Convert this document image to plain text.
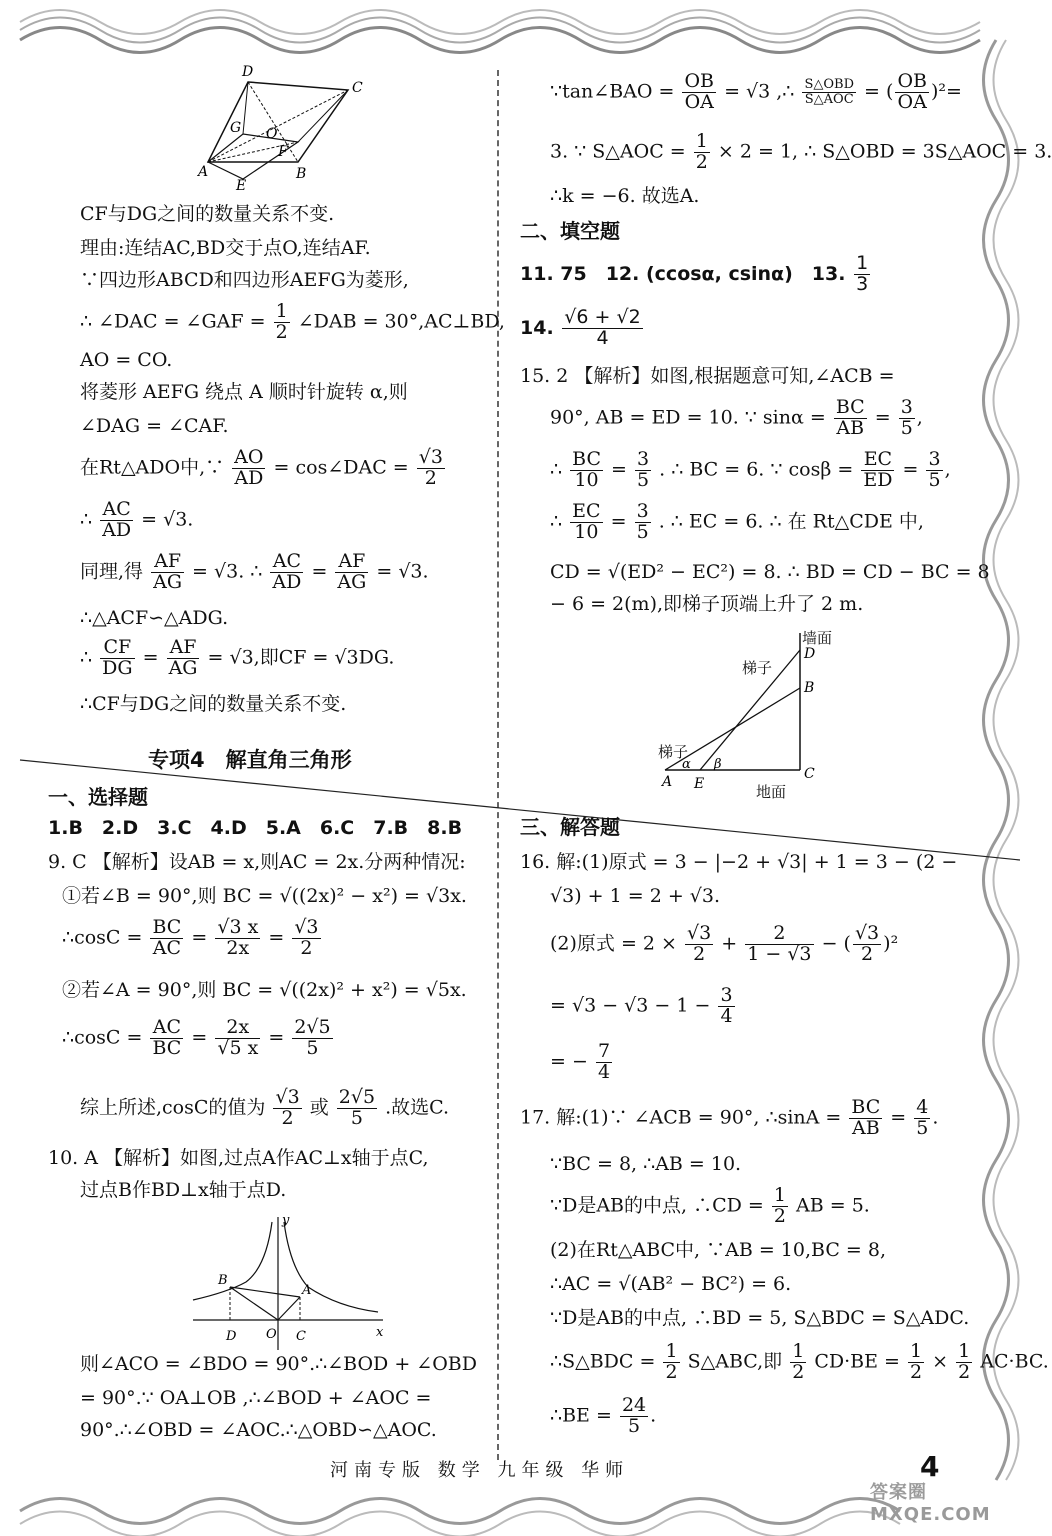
D
C
A	B
E
F
G O
CF与DG之间的数量关系不变.
理由:连结AC,BD交于点O,连结AF.
∵四边形ABCD和四边形AEFG为菱形,
∴ ∠DAC = ∠GAF = $\frac{1}{2}$ ∠DAB = 30°,AC⊥BD,
AO = CO.
将菱形 AEFG 绕点 A 顺时针旋转 α,则
∠DAG = ∠CAF.
在Rt△ADO中,∵ $\frac{AO}{AD}$ = cos∠DAC = $\frac{√3}{2}$
∴ $\frac{AC}{AD} = √3$.
同理,得 $\frac{AF}{AG} = √3$. ∴ $\frac{AC}{AD} = \frac{AF}{AG} = √3$.
∴△ACF∽△ADG.
∴ $\frac{CF}{DG} = \frac{AF}{AG} = √3$,即CF = √3DG.
∴CF与DG之间的数量关系不变.
专项4　解直角三角形
一、选择题
1.B　2.D　3.C　4.D　5.A　6.C　7.B　8.B
9. C 【解析】设AB = x,则AC = 2x.分两种情况:
①若∠B = 90°,则 BC = √((2x)² − x²) = √3x.
∴cosC = $\frac{BC}{AC} = \frac{√3 x}{2x} = \frac{√3}{2}$
②若∠A = 90°,则 BC = √((2x)² + x²) = √5x.
∴cosC = $\frac{AC}{BC} = \frac{2x}{√5 x} = \frac{2√5}{5}$
综上所述,cosC的值为 $\frac{√3}{2}$ 或 $\frac{2√5}{5}$ .故选C.
10. A 【解析】如图,过点A作AC⊥x轴于点C,
过点B作BD⊥x轴于点D.
y
x
B
A
D O C
则∠ACO = ∠BDO = 90°.∴∠BOD + ∠OBD
= 90°.∵ OA⊥OB ,∴∠BOD + ∠AOC =
90°.∴∠OBD = ∠AOC.∴△OBD∽△AOC.
∵tan∠BAO = $\frac{OB}{OA} = √3$ ,∴ $\frac{\text{S△OBD}}{\text{S△AOC}}$ = ( $\frac{OB}{OA} )^2=$
3. ∵ S△AOC = $\frac{1}{2} \times 2 = 1$, ∴ S△OBD = 3S△AOC = 3.
∴k = −6. 故选A.
二、填空题
11. 75　12. (ccosα, csinα)　13. $\frac{1}{3}$
14. $\frac{√6 + √2}{4}$
15. 2 【解析】如图,根据题意可知,∠ACB =
90°, AB = ED = 10. ∵ $\sin\alpha = \frac{BC}{AB} = \frac{3}{5}$ ,
∴ $\frac{BC}{10} = \frac{3}{5}$ . ∴ BC = 6. ∵ $\cos\beta = \frac{EC}{ED} = \frac{3}{5}$ ,
∴ $\frac{EC}{10} = \frac{3}{5}$ . ∴ EC = 6. ∴ 在 Rt△CDE 中,
CD = √(ED² − EC²) = 8. ∴ BD = CD − BC = 8
− 6 = 2(m),即梯子顶端上升了 2 m.
A E
C
B
D
α β
墙面
梯子
梯子
地面
三、解答题
16. 解:(1)原式 = 3 − |−2 + √3| + 1 = 3 − (2 −
√3) + 1 = 2 + √3.
(2)原式 = $2 \times \frac{√3}{2} + \frac{2}{1 - √3}$ − ( $\frac{√3}{2} )^2$
= $√3 - √3 - 1 - \frac{3}{4}$
= − $\frac{7}{4}$
17. 解:(1)∵ ∠ACB = 90°, ∴sinA = $\frac{BC}{AB} = \frac{4}{5}$ .
∵BC = 8, ∴AB = 10.
∵D是AB的中点, ∴CD = $\frac{1}{2}$ AB = 5.
(2)在Rt△ABC中, ∵AB = 10,BC = 8,
∴AC = √(AB² − BC²) = 6.
∵D是AB的中点, ∴BD = 5, S△BDC = S△ADC.
∴S△BDC = $\frac{1}{2}$ S△ABC,即 $\frac{1}{2} CD\cdot BE = \frac{1}{2} \times \frac{1}{2} AC\cdot BC$.
∴BE = $\frac{24}{5}$ .
河南专版 数学 九年级 华师	4
答案圈 MXQE.COM
